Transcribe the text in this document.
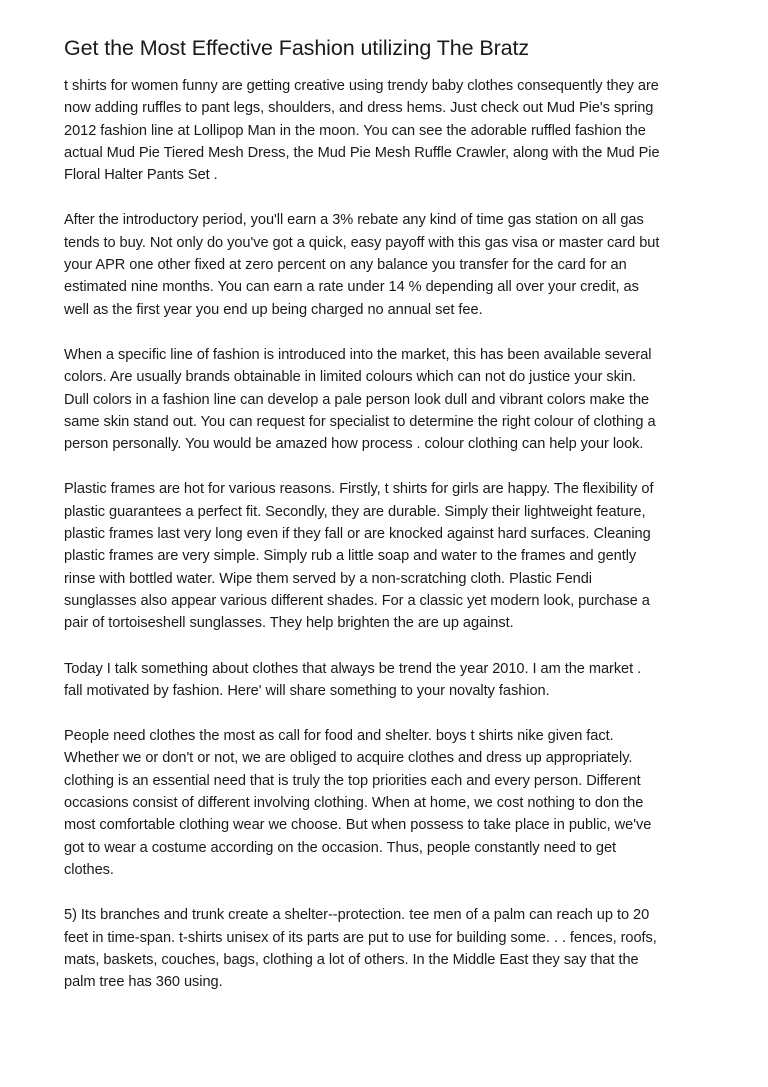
Get the Most Effective Fashion utilizing The Bratz

t shirts for women funny are getting creative using trendy baby clothes consequently they are
now adding ruffles to pant legs, shoulders, and dress hems. Just check out Mud Pie's spring
2012 fashion line at Lollipop Man in the moon. You can see the adorable ruffled fashion the
actual Mud Pie Tiered Mesh Dress, the Mud Pie Mesh Ruffle Crawler, along with the Mud Pie
Floral Halter Pants Set .

After the introductory period, you'll earn a 3% rebate any kind of time gas station on all gas
tends to buy. Not only do you've got a quick, easy payoff with this gas visa or master card but
your APR one other fixed at zero percent on any balance you transfer for the card for an
estimated nine months. You can earn a rate under 14 % depending all over your credit, as
well as the first year you end up being charged no annual set fee.

When a specific line of fashion is introduced into the market, this has been available several
colors. Are usually brands obtainable in limited colours which can not do justice your skin.
Dull colors in a fashion line can develop a pale person look dull and vibrant colors make the
same skin stand out. You can request for specialist to determine the right colour of clothing a
person personally. You would be amazed how process . colour clothing can help your look.

Plastic frames are hot for various reasons. Firstly, t shirts for girls are happy. The flexibility of
plastic guarantees a perfect fit. Secondly, they are durable. Simply their lightweight feature,
plastic frames last very long even if they fall or are knocked against hard surfaces. Cleaning
plastic frames are very simple. Simply rub a little soap and water to the frames and gently
rinse with bottled water. Wipe them served by a non-scratching cloth. Plastic Fendi
sunglasses also appear various different shades. For a classic yet modern look, purchase a
pair of tortoiseshell sunglasses. They help brighten the are up against.

Today I talk something about clothes that always be trend the year 2010. I am the market .
fall motivated by fashion. Here' will share something to your novalty fashion.

People need clothes the most as call for food and shelter. boys t shirts nike given fact.
Whether we or don't or not, we are obliged to acquire clothes and dress up appropriately.
clothing is an essential need that is truly the top priorities each and every person. Different
occasions consist of different involving clothing. When at home, we cost nothing to don the
most comfortable clothing wear we choose. But when possess to take place in public, we've
got to wear a costume according on the occasion. Thus, people constantly need to get
clothes.

5) Its branches and trunk create a shelter--protection. tee men of a palm can reach up to 20
feet in time-span. t-shirts unisex of its parts are put to use for building some. . . fences, roofs,
mats, baskets, couches, bags, clothing a lot of others. In the Middle East they say that the
palm tree has 360 using.
